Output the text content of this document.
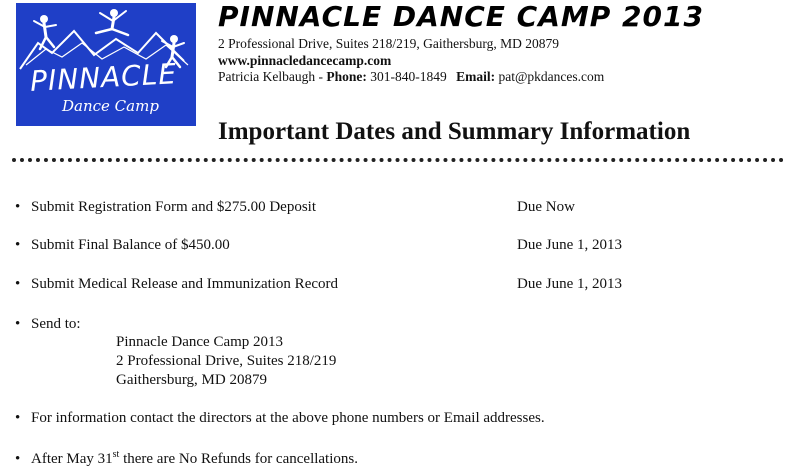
PINNACLE
Dance Camp
PINNACLE DANCE CAMP 2013
2 Professional Drive, Suites 218/219, Gaithersburg, MD 20879
www.pinnacledancecamp.com
Patricia Kelbaugh - Phone: 301-840-1849 Email: pat@pkdances.com
Important Dates and Summary Information
• Submit Registration Form and $275.00 Deposit	Due Now
• Submit Final Balance of $450.00	Due June 1, 2013
• Submit Medical Release and Immunization Record	Due June 1, 2013
• Send to:
Pinnacle Dance Camp 2013
2 Professional Drive, Suites 218/219
Gaithersburg, MD 20879
• For information contact the directors at the above phone numbers or Email addresses.
• After May 31st there are No Refunds for cancellations.
